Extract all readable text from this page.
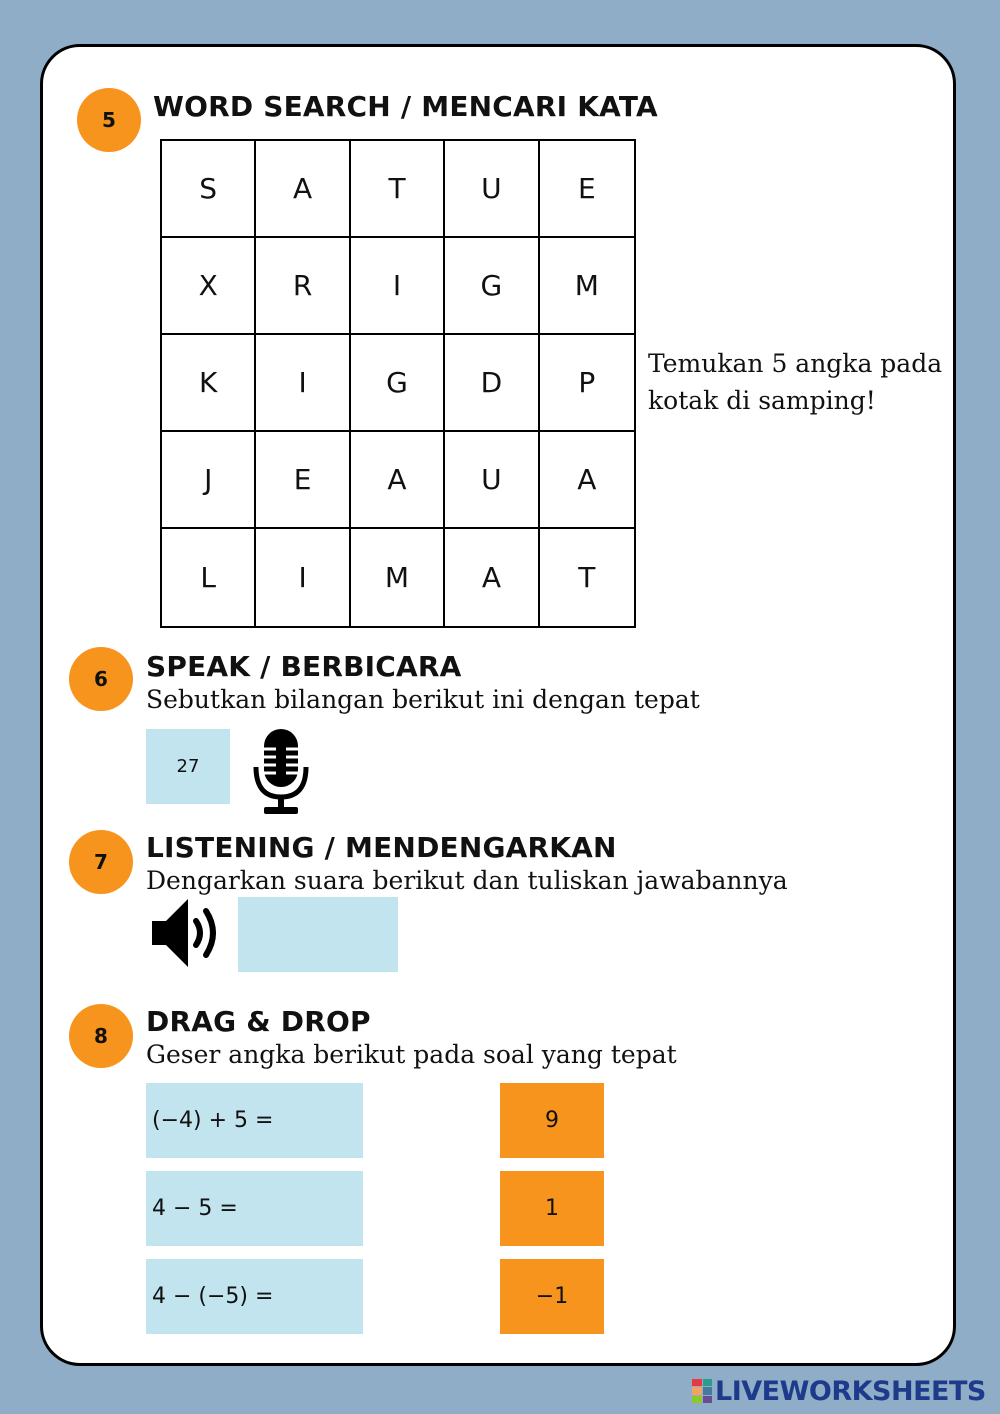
5	WORD SEARCH / MENCARI KATA
S	A	T	U	E
X	R	I	G	M
K	I	G	D	P
J	E	A	U	A
L	I	M	A	T
Temukan 5 angka pada
kotak di samping!
6	SPEAK / BERBICARA
Sebutkan bilangan berikut ini dengan tepat
27
7	LISTENING / MENDENGARKAN
Dengarkan suara berikut dan tuliskan jawabannya
8	DRAG & DROP
Geser angka berikut pada soal yang tepat
(−4) + 5 =
4 − 5 =
4 − (−5) =
9
1
−1
LIVEWORKSHEETS
